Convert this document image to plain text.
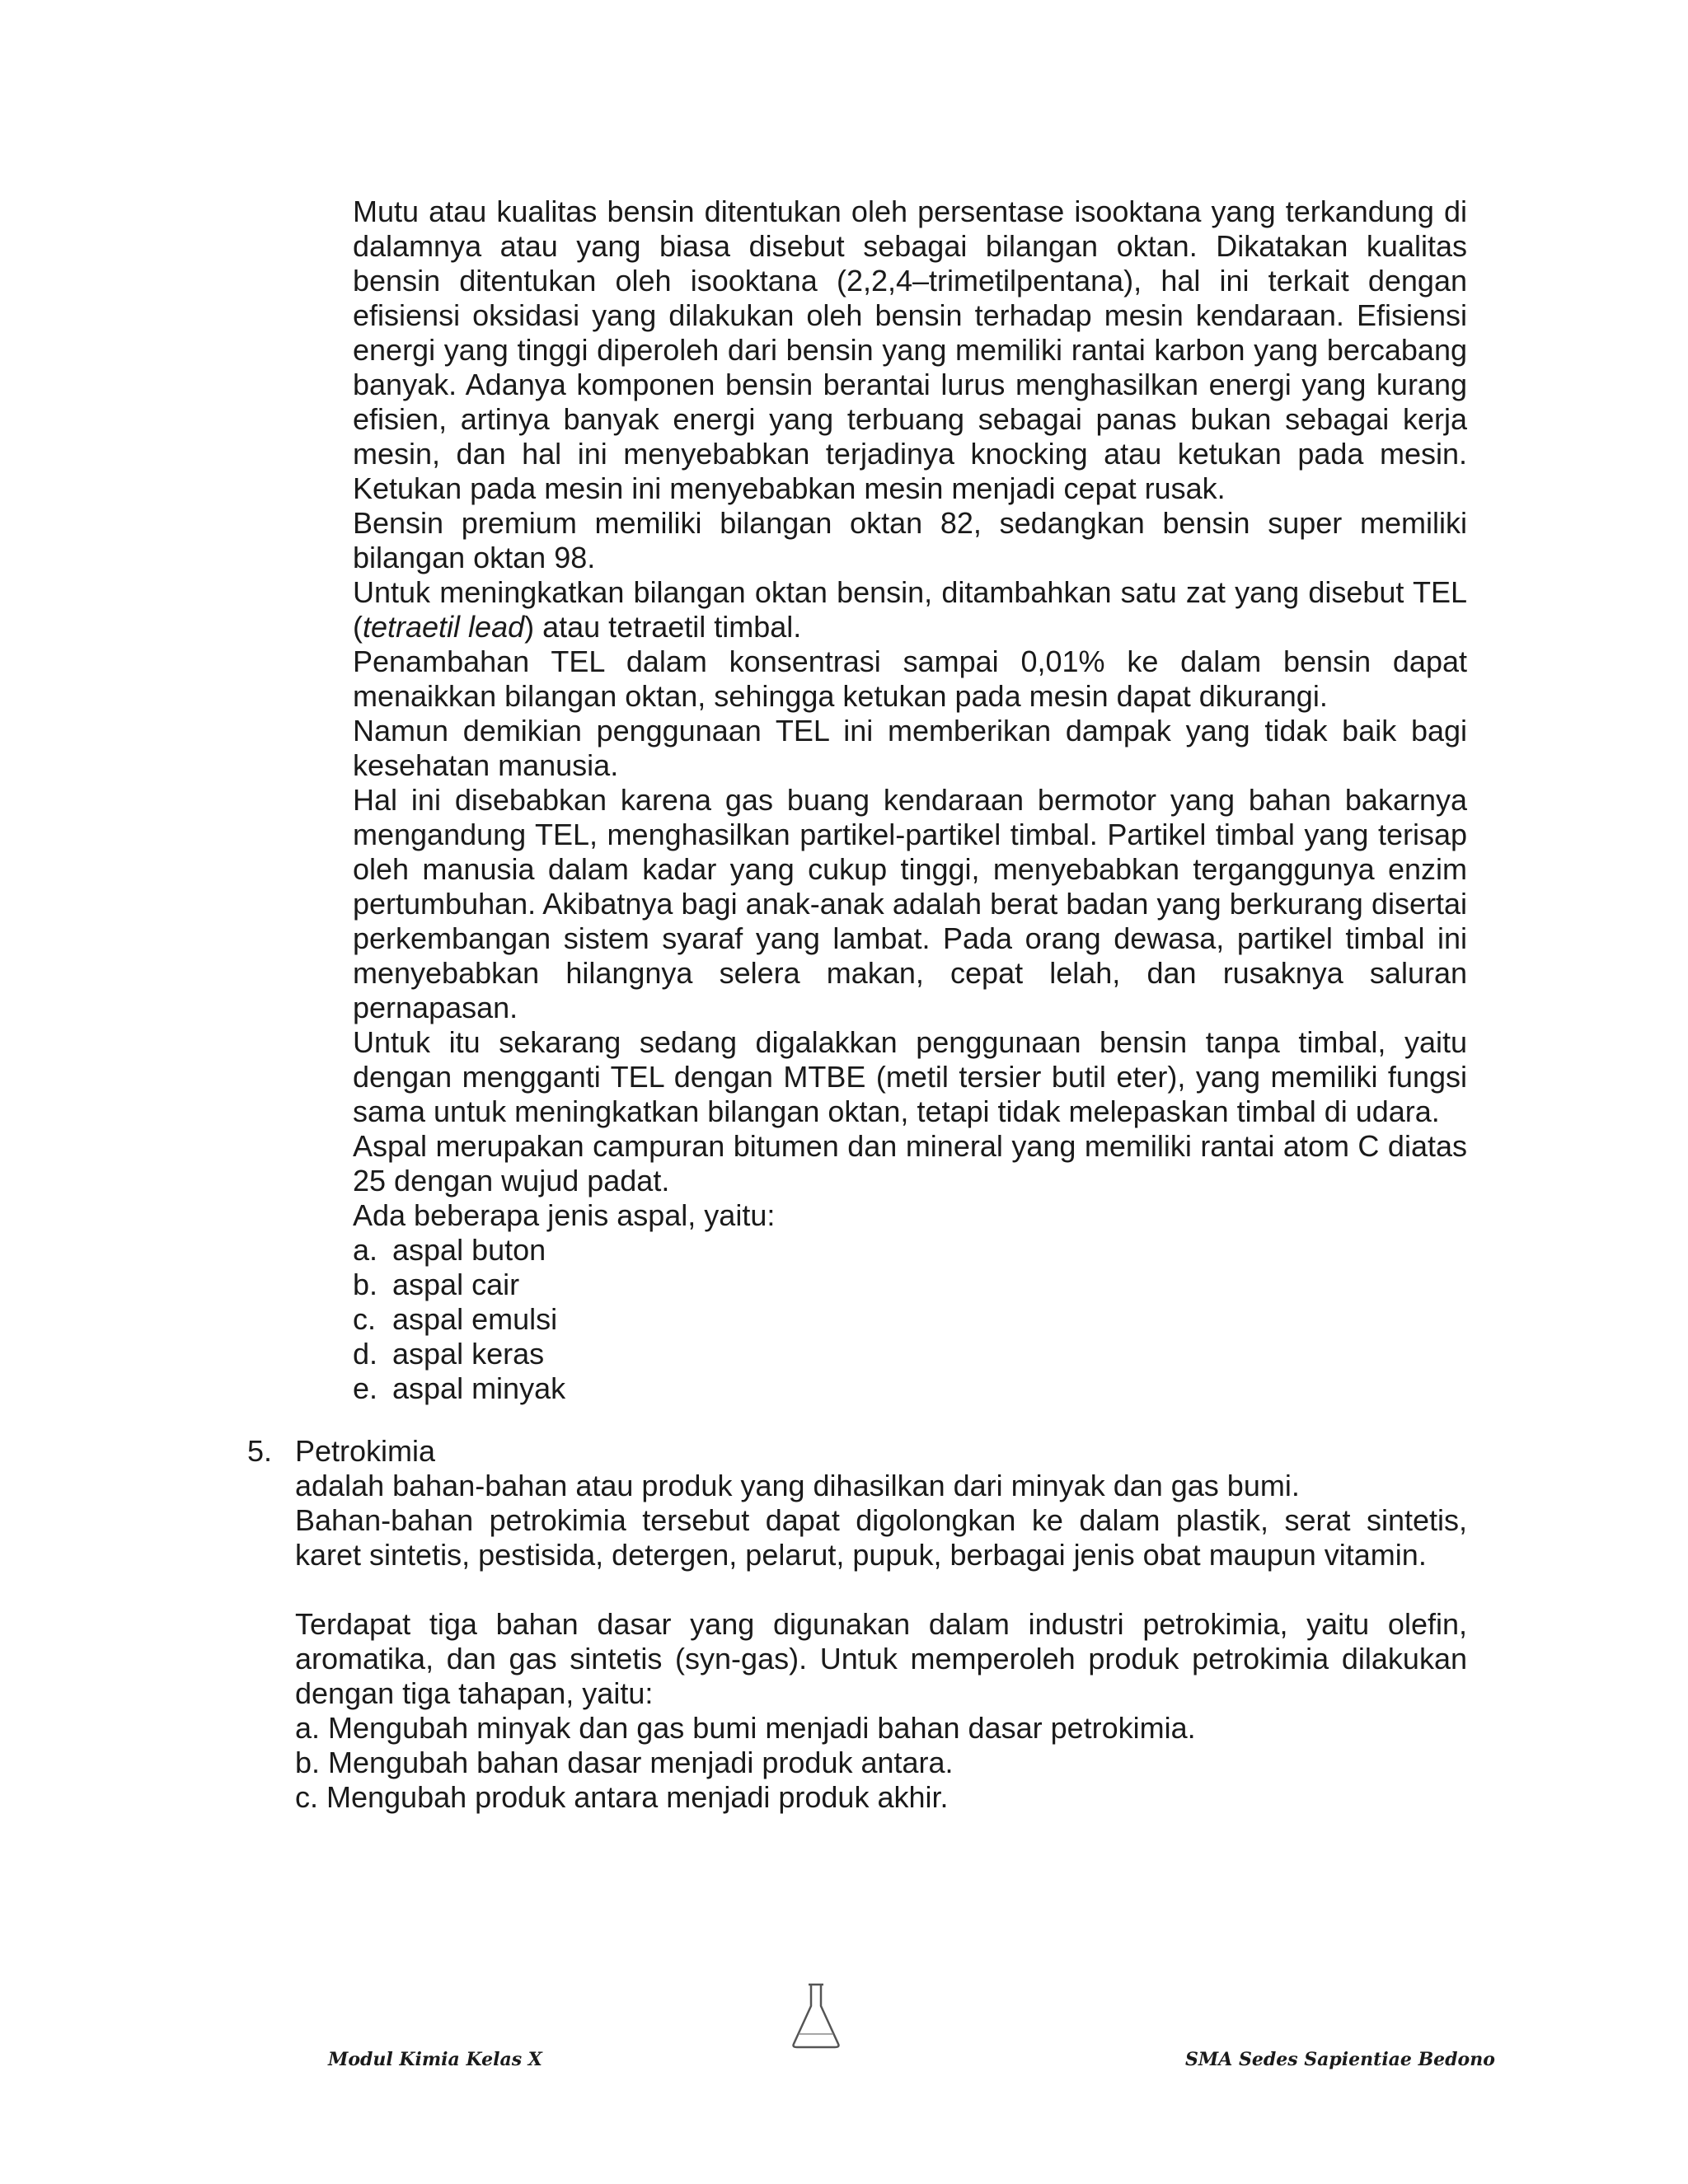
Mutu atau kualitas bensin ditentukan oleh persentase isooktana yang terkandung di dalamnya atau yang biasa disebut sebagai bilangan oktan. Dikatakan kualitas bensin ditentukan oleh isooktana (2,2,4–trimetilpentana), hal ini terkait dengan efisiensi oksidasi yang dilakukan oleh bensin terhadap mesin kendaraan. Efisiensi energi yang tinggi diperoleh dari bensin yang memiliki rantai karbon yang bercabang banyak. Adanya komponen bensin berantai lurus menghasilkan energi yang kurang efisien, artinya banyak energi yang terbuang sebagai panas bukan sebagai kerja mesin, dan hal ini menyebabkan terjadinya knocking atau ketukan pada mesin. Ketukan pada mesin ini menyebabkan mesin menjadi cepat rusak.

Bensin premium memiliki bilangan oktan 82, sedangkan bensin super memiliki bilangan oktan 98.

Untuk meningkatkan bilangan oktan bensin, ditambahkan satu zat yang disebut TEL (tetraetil lead) atau tetraetil timbal.

Penambahan TEL dalam konsentrasi sampai 0,01% ke dalam bensin dapat menaikkan bilangan oktan, sehingga ketukan pada mesin dapat dikurangi.

Namun demikian penggunaan TEL ini memberikan dampak yang tidak baik bagi kesehatan manusia.

Hal ini disebabkan karena gas buang kendaraan bermotor yang bahan bakarnya mengandung TEL, menghasilkan partikel-partikel timbal. Partikel timbal yang terisap oleh manusia dalam kadar yang cukup tinggi, menyebabkan terganggunya enzim pertumbuhan. Akibatnya bagi anak-anak adalah berat badan yang berkurang disertai perkembangan sistem syaraf yang lambat. Pada orang dewasa, partikel timbal ini menyebabkan hilangnya selera makan, cepat lelah, dan rusaknya saluran pernapasan.

Untuk itu sekarang sedang digalakkan penggunaan bensin tanpa timbal, yaitu dengan mengganti TEL dengan MTBE (metil tersier butil eter), yang memiliki fungsi sama untuk meningkatkan bilangan oktan, tetapi tidak melepaskan timbal di udara.

Aspal merupakan campuran bitumen dan mineral yang memiliki rantai atom C diatas 25 dengan wujud padat.

Ada beberapa jenis aspal, yaitu:

a. aspal buton
b. aspal cair
c. aspal emulsi
d. aspal keras
e. aspal minyak
5. Petrokimia

adalah bahan-bahan atau produk yang dihasilkan dari minyak dan gas bumi.

Bahan-bahan petrokimia tersebut dapat digolongkan ke dalam plastik, serat sintetis, karet sintetis, pestisida, detergen, pelarut, pupuk, berbagai jenis obat maupun vitamin.

Terdapat tiga bahan dasar yang digunakan dalam industri petrokimia, yaitu olefin, aromatika, dan gas sintetis (syn-gas). Untuk memperoleh produk petrokimia dilakukan dengan tiga tahapan, yaitu:

a. Mengubah minyak dan gas bumi menjadi bahan dasar petrokimia.
b. Mengubah bahan dasar menjadi produk antara.
c. Mengubah produk antara menjadi produk akhir.
Modul Kimia Kelas X	SMA Sedes Sapientiae Bedono
